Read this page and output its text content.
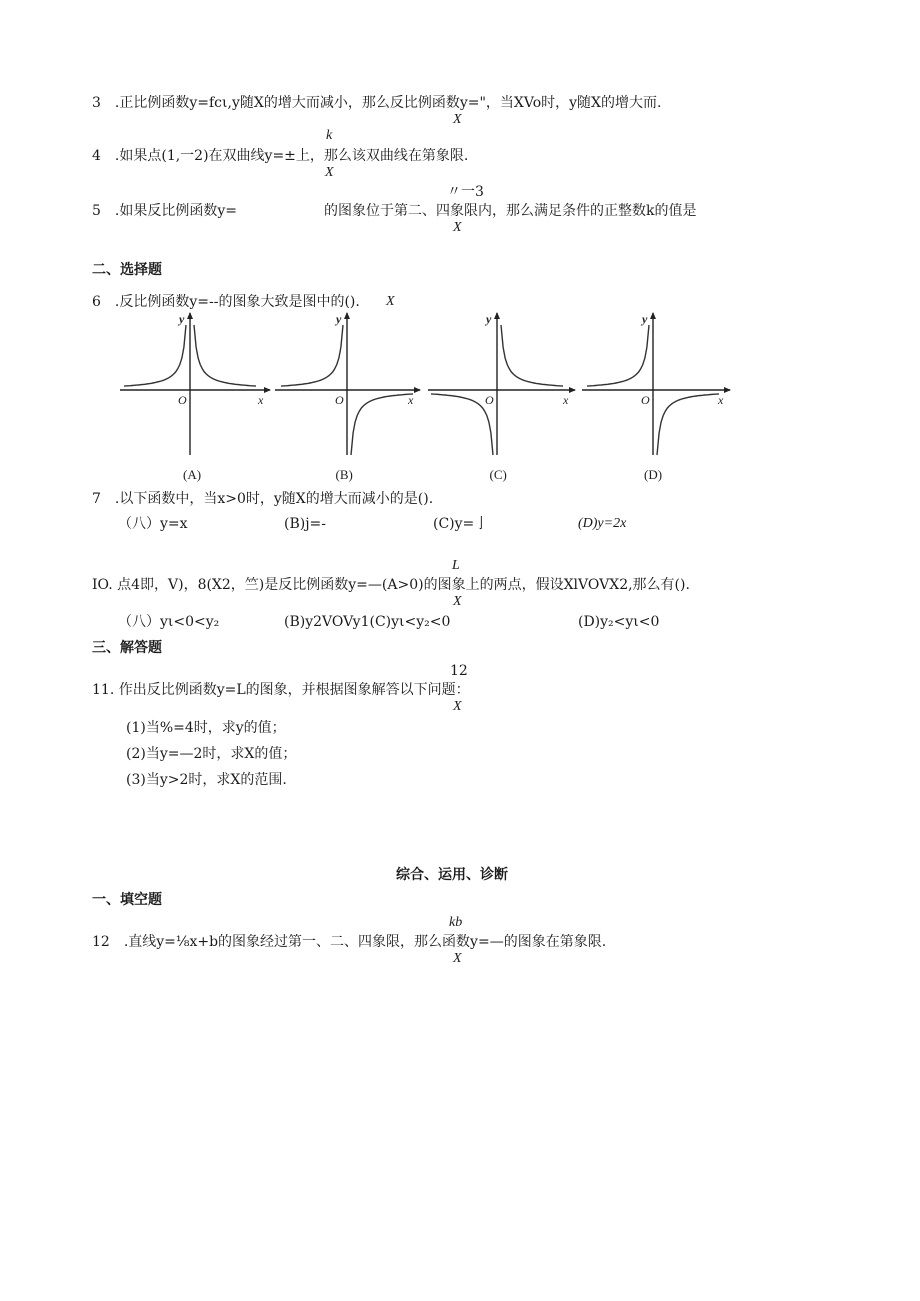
3　.正比例函数y=fcι,y随X的增大而减小，那么反比例函数y="，当XVo时，y随X的增大而.
X
k
4　.如果点(1,一2)在双曲线y=±上，那么该双曲线在第象限.
X
〃一3
5　.如果反比例函数y=	的图象位于第二、四象限内，那么满足条件的正整数k的值是
X
二、选择题
6　.反比例函数y=--的图象大致是图中的(). X
O	x
y
(A)
O	x
y
(B)
O	x
y
(C)
O	x
y
(D)
7　.以下函数中，当x>0时，y随X的增大而减小的是().
（八）y=x	(B)j=-	(C)y=亅	(D)y=2x
L
IO. 点4即，V)，8(X2，竺)是反比例函数y=—(A>0)的图象上的两点，假设XlVOVX2,那么有().
X
（八）yι<0<y₂	(B)y2VOVy1(C)yι<y₂<0	(D)y₂<yι<0
三、解答题
12
11. 作出反比例函数y=L的图象，并根据图象解答以下问题：
X
(1)当%=4时，求y的值；
(2)当y=—2时，求X的值；
(3)当y>2时，求X的范围.
综合、运用、诊断
一、填空题
kb
12　.直线y=⅛x+b的图象经过第一、二、四象限，那么函数y=—的图象在第象限.
X
